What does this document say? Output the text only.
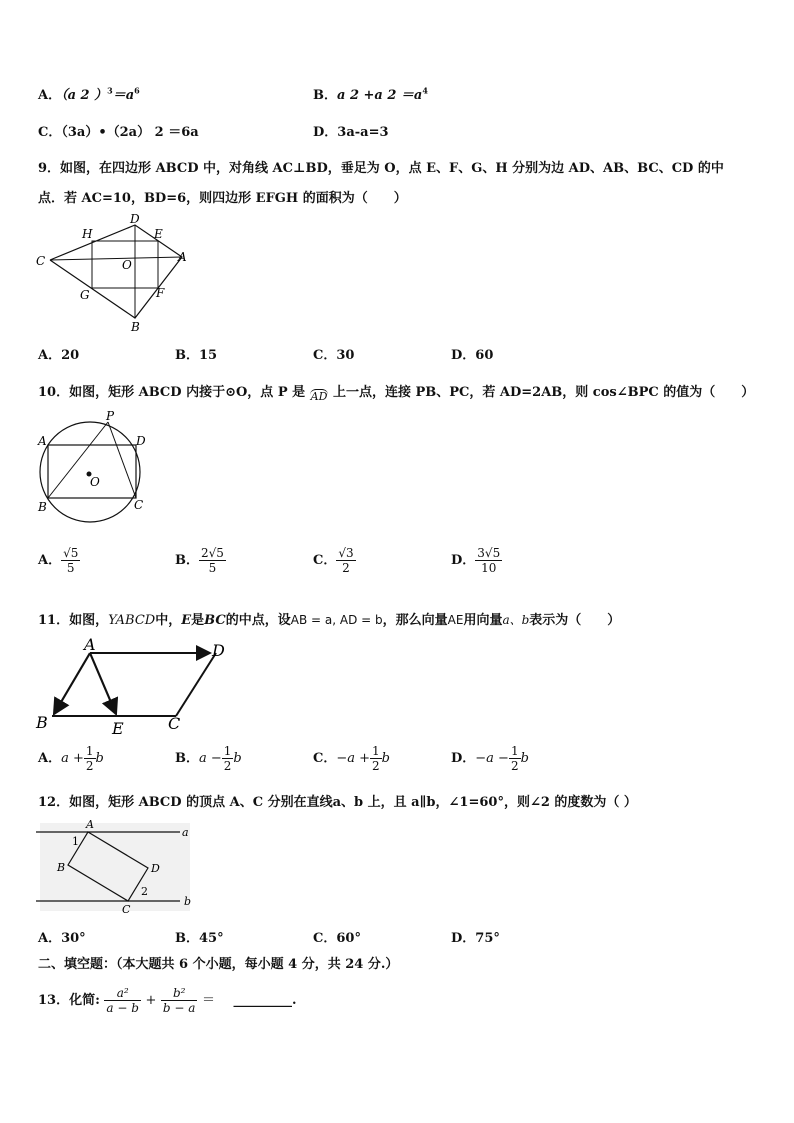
A．（a 2 ）$^3=a^6$	B．a 2 +a $2 =a^4$
C．（3a）•（2a） 2 ＝6a	D．3a-a=3
9．如图，在四边形 ABCD 中，对角线 AC⊥BD，垂足为 O，点 E、F、G、H 分别为边 AD、AB、BC、CD 的中
点．若 AC=10，BD=6，则四边形 EFGH 的面积为（　　）
D
H	E
C	O
A
G	F
B
A．20	B．15	C．30	D．60
10．如图，矩形 ABCD 内接于⊙O，点 P 是 AD 上一点，连接 PB、PC，若 AD=2AB，则 cos∠BPC 的值为（　　）
P
A	D
O
B	C
A． $\frac{√5}{5}$	B． $\frac{2√5}{5}$	C． $\frac{√3}{2}$	D． $\frac{3√5}{10}$
11．如图，YABCD中，E是BC的中点，设AB = a, AD = b，那么向量AE用向量a、b表示为（　　）
A	D
B	E	C
A．$a + \frac{1}{2}$ b	B．$a - \frac{1}{2}$ b	C．$-a + \frac{1}{2}$ b	D．$-a - \frac{1}{2}$ b
12．如图，矩形 ABCD 的顶点 A、C 分别在直线a、b 上，且 a∥b，∠1=60°，则∠2 的度数为（ ）
A
a
1
B	D
2
C
b
A．30°	B．45°	C．60°	D．75°
二、填空题：（本大题共 6 个小题，每小题 4 分，共 24 分.）
13．化简: $\frac{\text{a²}}{a - b} + \frac{\text{b²}}{b - a}$ ＝ _________.
